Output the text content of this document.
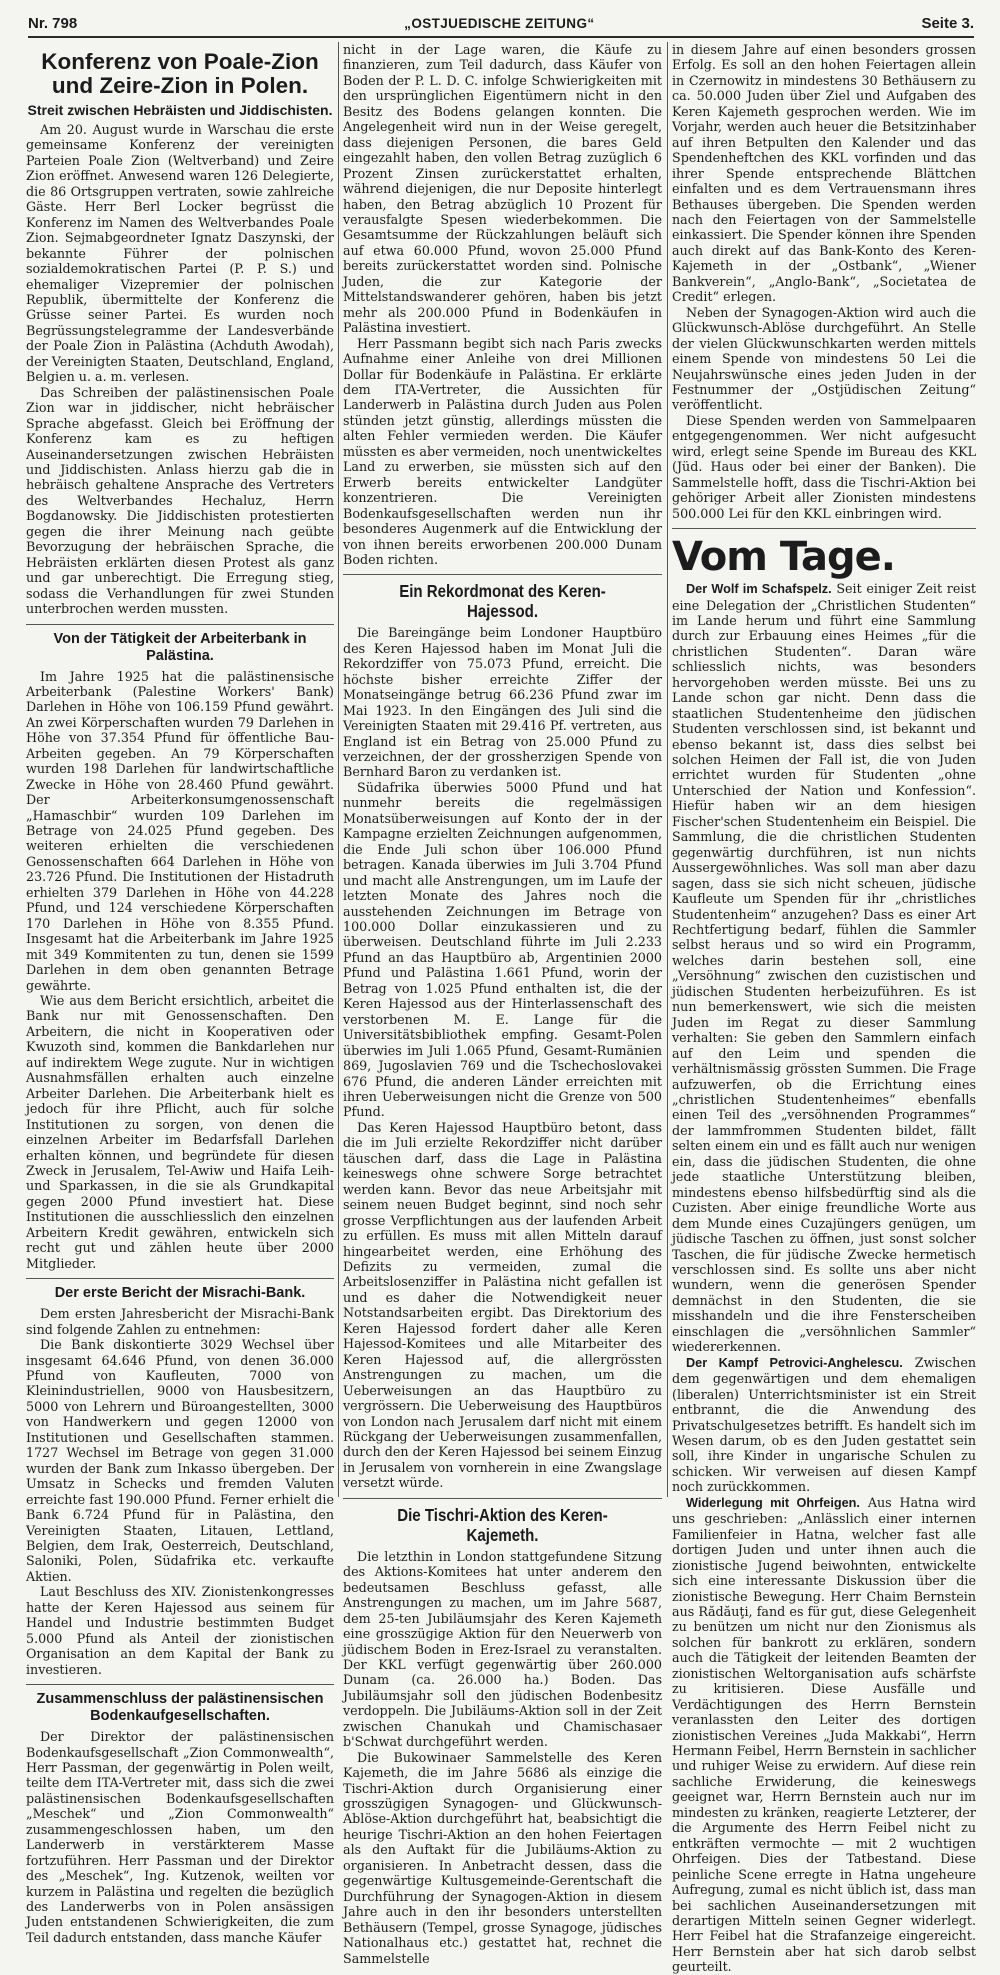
Nr. 798	„OSTJUEDISCHE ZEITUNG“	Seite 3.
Konferenz von Poale-Zion und Zeire-Zion in Polen.
Streit zwischen Hebräisten und Jiddischisten.

Am 20. August wurde in Warschau die erste gemeinsame Konferenz der vereinigten Parteien Poale Zion (Weltverband) und Zeire Zion eröffnet. Anwesend waren 126 Delegierte, die 86 Ortsgruppen vertraten, sowie zahlreiche Gäste. Herr Berl Locker begrüsst die Konferenz im Namen des Weltverbandes Poale Zion. Sejmabgeordneter Ignatz Daszynski, der bekannte Führer der polnischen sozialdemokratischen Partei (P. P. S.) und ehemaliger Vizepremier der polnischen Republik, übermittelte der Konferenz die Grüsse seiner Partei. Es wurden noch Begrüssungstelegramme der Landesverbände der Poale Zion in Palästina (Achduth Awodah), der Vereinigten Staaten, Deutschland, England, Belgien u. a. m. verlesen.

Das Schreiben der palästinensischen Poale Zion war in jiddischer, nicht hebräischer Sprache abgefasst. Gleich bei Eröffnung der Konferenz kam es zu heftigen Auseinandersetzungen zwischen Hebräisten und Jiddischisten. Anlass hierzu gab die in hebräisch gehaltene Ansprache des Vertreters des Weltverbandes Hechaluz, Herrn Bogdanowsky. Die Jiddischisten protestierten gegen die ihrer Meinung nach geübte Bevorzugung der hebräischen Sprache, die Hebräisten erklärten diesen Protest als ganz und gar unberechtigt. Die Erregung stieg, sodass die Verhandlungen für zwei Stunden unterbrochen werden mussten.

Von der Tätigkeit der Arbeiterbank in Palästina.

Im Jahre 1925 hat die palästinensische Arbeiterbank (Palestine Workers' Bank) Darlehen in Höhe von 106.159 Pfund gewährt. An zwei Körperschaften wurden 79 Darlehen in Höhe von 37.354 Pfund für öffentliche Bau-Arbeiten gegeben. An 79 Körperschaften wurden 198 Darlehen für landwirtschaftliche Zwecke in Höhe von 28.460 Pfund gewährt. Der Arbeiterkonsumgenossenschaft „Hamaschbir“ wurden 109 Darlehen im Betrage von 24.025 Pfund gegeben. Des weiteren erhielten die verschiedenen Genossenschaften 664 Darlehen in Höhe von 23.726 Pfund. Die Institutionen der Histadruth erhielten 379 Darlehen in Höhe von 44.228 Pfund, und 124 verschiedene Körperschaften 170 Darlehen in Höhe von 8.355 Pfund. Insgesamt hat die Arbeiterbank im Jahre 1925 mit 349 Kommitenten zu tun, denen sie 1599 Darlehen in dem oben genannten Betrage gewährte.

Wie aus dem Bericht ersichtlich, arbeitet die Bank nur mit Genossenschaften. Den Arbeitern, die nicht in Kooperativen oder Kwuzoth sind, kommen die Bankdarlehen nur auf indirektem Wege zugute. Nur in wichtigen Ausnahmsfällen erhalten auch einzelne Arbeiter Darlehen. Die Arbeiterbank hielt es jedoch für ihre Pflicht, auch für solche Institutionen zu sorgen, von denen die einzelnen Arbeiter im Bedarfsfall Darlehen erhalten können, und begründete für diesen Zweck in Jerusalem, Tel-Awiw und Haifa Leih- und Sparkassen, in die sie als Grundkapital gegen 2000 Pfund investiert hat. Diese Institutionen die ausschliesslich den einzelnen Arbeitern Kredit gewähren, entwickeln sich recht gut und zählen heute über 2000 Mitglieder.

Der erste Bericht der Misrachi-Bank.

Dem ersten Jahresbericht der Misrachi-Bank sind folgende Zahlen zu entnehmen:

Die Bank diskontierte 3029 Wechsel über insgesamt 64.646 Pfund, von denen 36.000 Pfund von Kaufleuten, 7000 von Kleinindustriellen, 9000 von Hausbesitzern, 5000 von Lehrern und Büroangestellten, 3000 von Handwerkern und gegen 12000 von Institutionen und Gesellschaften stammen. 1727 Wechsel im Betrage von gegen 31.000 wurden der Bank zum Inkasso übergeben. Der Umsatz in Schecks und fremden Valuten erreichte fast 190.000 Pfund. Ferner erhielt die Bank 6.724 Pfund für in Palästina, den Vereinigten Staaten, Litauen, Lettland, Belgien, dem Irak, Oesterreich, Deutschland, Saloniki, Polen, Südafrika etc. verkaufte Aktien.

Laut Beschluss des XIV. Zionistenkongresses hatte der Keren Hajessod aus seinem für Handel und Industrie bestimmten Budget 5.000 Pfund als Anteil der zionistischen Organisation an dem Kapital der Bank zu investieren.

Zusammenschluss der palästinensischen Bodenkaufgesellschaften.

Der Direktor der palästinensischen Bodenkaufsgesellschaft „Zion Commonwealth“, Herr Passman, der gegenwärtig in Polen weilt, teilte dem ITA-Vertreter mit, dass sich die zwei palästinensischen Bodenkaufsgesellschaften „Meschek“ und „Zion Commonwealth“ zusammengeschlossen haben, um den Landerwerb in verstärkterem Masse fortzuführen. Herr Passman und der Direktor des „Meschek“, Ing. Kutzenok, weilten vor kurzem in Palästina und regelten die bezüglich des Landerwerbs von in Polen ansässigen Juden entstandenen Schwierigkeiten, die zum Teil dadurch entstanden, dass manche Käufer

nicht in der Lage waren, die Käufe zu finanzieren, zum Teil dadurch, dass Käufer von Boden der P. L. D. C. infolge Schwierigkeiten mit den ursprünglichen Eigentümern nicht in den Besitz des Bodens gelangen konnten. Die Angelegenheit wird nun in der Weise geregelt, dass diejenigen Personen, die bares Geld eingezahlt haben, den vollen Betrag zuzüglich 6 Prozent Zinsen zurückerstattet erhalten, während diejenigen, die nur Deposite hinterlegt haben, den Betrag abzüglich 10 Prozent für verausfalgte Spesen wiederbekommen. Die Gesamtsumme der Rückzahlungen beläuft sich auf etwa 60.000 Pfund, wovon 25.000 Pfund bereits zurückerstattet worden sind. Polnische Juden, die zur Kategorie der Mittelstandswanderer gehören, haben bis jetzt mehr als 200.000 Pfund in Bodenkäufen in Palästina investiert.

Herr Passmann begibt sich nach Paris zwecks Aufnahme einer Anleihe von drei Millionen Dollar für Bodenkäufe in Palästina. Er erklärte dem ITA-Vertreter, die Aussichten für Landerwerb in Palästina durch Juden aus Polen stünden jetzt günstig, allerdings müssten die alten Fehler vermieden werden. Die Käufer müssten es aber vermeiden, noch unentwickeltes Land zu erwerben, sie müssten sich auf den Erwerb bereits entwickelter Landgüter konzentrieren. Die Vereinigten Bodenkaufsgesellschaften werden nun ihr besonderes Augenmerk auf die Entwicklung der von ihnen bereits erworbenen 200.000 Dunam Boden richten.

Ein Rekordmonat des Keren-Hajessod.

Die Bareingänge beim Londoner Hauptbüro des Keren Hajessod haben im Monat Juli die Rekordziffer von 75.073 Pfund, erreicht. Die höchste bisher erreichte Ziffer der Monatseingänge betrug 66.236 Pfund zwar im Mai 1923. In den Eingängen des Juli sind die Vereinigten Staaten mit 29.416 Pf. vertreten, aus England ist ein Betrag von 25.000 Pfund zu verzeichnen, der der grossherzigen Spende von Bernhard Baron zu verdanken ist.

Südafrika überwies 5000 Pfund und hat nunmehr bereits die regelmässigen Monatsüberweisungen auf Konto der in der Kampagne erzielten Zeichnungen aufgenommen, die Ende Juli schon über 106.000 Pfund betragen. Kanada überwies im Juli 3.704 Pfund und macht alle Anstrengungen, um im Laufe der letzten Monate des Jahres noch die ausstehenden Zeichnungen im Betrage von 100.000 Dollar einzukassieren und zu überweisen. Deutschland führte im Juli 2.233 Pfund an das Hauptbüro ab, Argentinien 2000 Pfund und Palästina 1.661 Pfund, worin der Betrag von 1.025 Pfund enthalten ist, die der Keren Hajessod aus der Hinterlassenschaft des verstorbenen M. E. Lange für die Universitätsbibliothek empfing. Gesamt-Polen überwies im Juli 1.065 Pfund, Gesamt-Rumänien 869, Jugoslavien 769 und die Tschechoslovakei 676 Pfund, die anderen Länder erreichten mit ihren Ueberweisungen nicht die Grenze von 500 Pfund.

Das Keren Hajessod Hauptbüro betont, dass die im Juli erzielte Rekordziffer nicht darüber täuschen darf, dass die Lage in Palästina keineswegs ohne schwere Sorge betrachtet werden kann. Bevor das neue Arbeitsjahr mit seinem neuen Budget beginnt, sind noch sehr grosse Verpflichtungen aus der laufenden Arbeit zu erfüllen. Es muss mit allen Mitteln darauf hingearbeitet werden, eine Erhöhung des Defizits zu vermeiden, zumal die Arbeitslosenziffer in Palästina nicht gefallen ist und es daher die Notwendigkeit neuer Notstandsarbeiten ergibt. Das Direktorium des Keren Hajessod fordert daher alle Keren Hajessod-Komitees und alle Mitarbeiter des Keren Hajessod auf, die allergrössten Anstrengungen zu machen, um die Ueberweisungen an das Hauptbüro zu vergrössern. Die Ueberweisung des Hauptbüros von London nach Jerusalem darf nicht mit einem Rückgang der Ueberweisungen zusammenfallen, durch den der Keren Hajessod bei seinem Einzug in Jerusalem von vornherein in eine Zwangslage versetzt würde.

Die Tischri-Aktion des Keren-Kajemeth.

Die letzthin in London stattgefundene Sitzung des Aktions-Komitees hat unter anderem den bedeutsamen Beschluss gefasst, alle Anstrengungen zu machen, um im Jahre 5687, dem 25-ten Jubiläumsjahr des Keren Kajemeth eine grosszügige Aktion für den Neuerwerb von jüdischem Boden in Erez-Israel zu veranstalten. Der KKL verfügt gegenwärtig über 260.000 Dunam (ca. 26.000 ha.) Boden. Das Jubiläumsjahr soll den jüdischen Bodenbesitz verdoppeln. Die Jubiläums-Aktion soll in der Zeit zwischen Chanukah und Chamischasaer b'Schwat durchgeführt werden.

Die Bukowinaer Sammelstelle des Keren Kajemeth, die im Jahre 5686 als einzige die Tischri-Aktion durch Organisierung einer grosszügigen Synagogen- und Glückwunsch-Ablöse-Aktion durchgeführt hat, beabsichtigt die heurige Tischri-Aktion an den hohen Feiertagen als den Auftakt für die Jubiläums-Aktion zu organisieren. In Anbetracht dessen, dass die gegenwärtige Kultusgemeinde-Gerentschaft die Durchführung der Synagogen-Aktion in diesem Jahre auch in den ihr besonders unterstellten Bethäusern (Tempel, grosse Synagoge, jüdisches Nationalhaus etc.) gestattet hat, rechnet die Sammelstelle

in diesem Jahre auf einen besonders grossen Erfolg. Es soll an den hohen Feiertagen allein in Czernowitz in mindestens 30 Bethäusern zu ca. 50.000 Juden über Ziel und Aufgaben des Keren Kajemeth gesprochen werden. Wie im Vorjahr, werden auch heuer die Betsitzinhaber auf ihren Betpulten den Kalender und das Spendenheftchen des KKL vorfinden und das ihrer Spende entsprechende Blättchen einfalten und es dem Vertrauensmann ihres Bethauses übergeben. Die Spenden werden nach den Feiertagen von der Sammelstelle einkassiert. Die Spender können ihre Spenden auch direkt auf das Bank-Konto des Keren-Kajemeth in der „Ostbank“, „Wiener Bankverein“, „Anglo-Bank“, „Societatea de Credit“ erlegen.

Neben der Synagogen-Aktion wird auch die Glückwunsch-Ablöse durchgeführt. An Stelle der vielen Glückwunschkarten werden mittels einem Spende von mindestens 50 Lei die Neujahrswünsche eines jeden Juden in der Festnummer der „Ostjüdischen Zeitung“ veröffentlicht.

Diese Spenden werden von Sammelpaaren entgegengenommen. Wer nicht aufgesucht wird, erlegt seine Spende im Bureau des KKL (Jüd. Haus oder bei einer der Banken). Die Sammelstelle hofft, dass die Tischri-Aktion bei gehöriger Arbeit aller Zionisten mindestens 500.000 Lei für den KKL einbringen wird.

Vom Tage.

Der Wolf im Schafspelz. Seit einiger Zeit reist eine Delegation der „Christlichen Studenten“ im Lande herum und führt eine Sammlung durch zur Erbauung eines Heimes „für die christlichen Studenten“. Daran wäre schliesslich nichts, was besonders hervorgehoben werden müsste. Bei uns zu Lande schon gar nicht. Denn dass die staatlichen Studentenheime den jüdischen Studenten verschlossen sind, ist bekannt und ebenso bekannt ist, dass dies selbst bei solchen Heimen der Fall ist, die von Juden errichtet wurden für Studenten „ohne Unterschied der Nation und Konfession“. Hiefür haben wir an dem hiesigen Fischer'schen Studentenheim ein Beispiel. Die Sammlung, die die christlichen Studenten gegenwärtig durchführen, ist nun nichts Aussergewöhnliches. Was soll man aber dazu sagen, dass sie sich nicht scheuen, jüdische Kaufleute um Spenden für ihr „christliches Studentenheim“ anzugehen? Dass es einer Art Rechtfertigung bedarf, fühlen die Sammler selbst heraus und so wird ein Programm, welches darin bestehen soll, eine „Versöhnung“ zwischen den cuzistischen und jüdischen Studenten herbeizuführen. Es ist nun bemerkenswert, wie sich die meisten Juden im Regat zu dieser Sammlung verhalten: Sie geben den Sammlern einfach auf den Leim und spenden die verhältnismässig grössten Summen. Die Frage aufzuwerfen, ob die Errichtung eines „christlichen Studentenheimes“ ebenfalls einen Teil des „versöhnenden Programmes“ der lammfrommen Studenten bildet, fällt selten einem ein und es fällt auch nur wenigen ein, dass die jüdischen Studenten, die ohne jede staatliche Unterstützung bleiben, mindestens ebenso hilfsbedürftig sind als die Cuzisten. Aber einige freundliche Worte aus dem Munde eines Cuzajüngers genügen, um jüdische Taschen zu öffnen, just sonst solcher Taschen, die für jüdische Zwecke hermetisch verschlossen sind. Es sollte uns aber nicht wundern, wenn die generösen Spender demnächst in den Studenten, die sie misshandeln und die ihre Fensterscheiben einschlagen die „versöhnlichen Sammler“ wiedererkennen.

Der Kampf Petrovici-Anghelescu. Zwischen dem gegenwärtigen und dem ehemaligen (liberalen) Unterrichtsminister ist ein Streit entbrannt, die die Anwendung des Privatschulgesetzes betrifft. Es handelt sich im Wesen darum, ob es den Juden gestattet sein soll, ihre Kinder in ungarische Schulen zu schicken. Wir verweisen auf diesen Kampf noch zurückkommen.

Widerlegung mit Ohrfeigen. Aus Hatna wird uns geschrieben: „Anlässlich einer internen Familienfeier in Hatna, welcher fast alle dortigen Juden und unter ihnen auch die zionistische Jugend beiwohnten, entwickelte sich eine interessante Diskussion über die zionistische Bewegung. Herr Chaim Bernstein aus Rădăuţi, fand es für gut, diese Gelegenheit zu benützen um nicht nur den Zionismus als solchen für bankrott zu erklären, sondern auch die Tätigkeit der leitenden Beamten der zionistischen Weltorganisation aufs schärfste zu kritisieren. Diese Ausfälle und Verdächtigungen des Herrn Bernstein veranlassten den Leiter des dortigen zionistischen Vereines „Juda Makkabi“, Herrn Hermann Feibel, Herrn Bernstein in sachlicher und ruhiger Weise zu erwidern. Auf diese rein sachliche Erwiderung, die keineswegs geeignet war, Herrn Bernstein auch nur im mindesten zu kränken, reagierte Letzterer, der die Argumente des Herrn Feibel nicht zu entkräften vermochte — mit 2 wuchtigen Ohrfeigen. Dies der Tatbestand. Diese peinliche Scene erregte in Hatna ungeheure Aufregung, zumal es nicht üblich ist, dass man bei sachlichen Auseinandersetzungen mit derartigen Mitteln seinen Gegner widerlegt. Herr Feibel hat die Strafanzeige eingereicht. Herr Bernstein aber hat sich darob selbst geurteilt.
